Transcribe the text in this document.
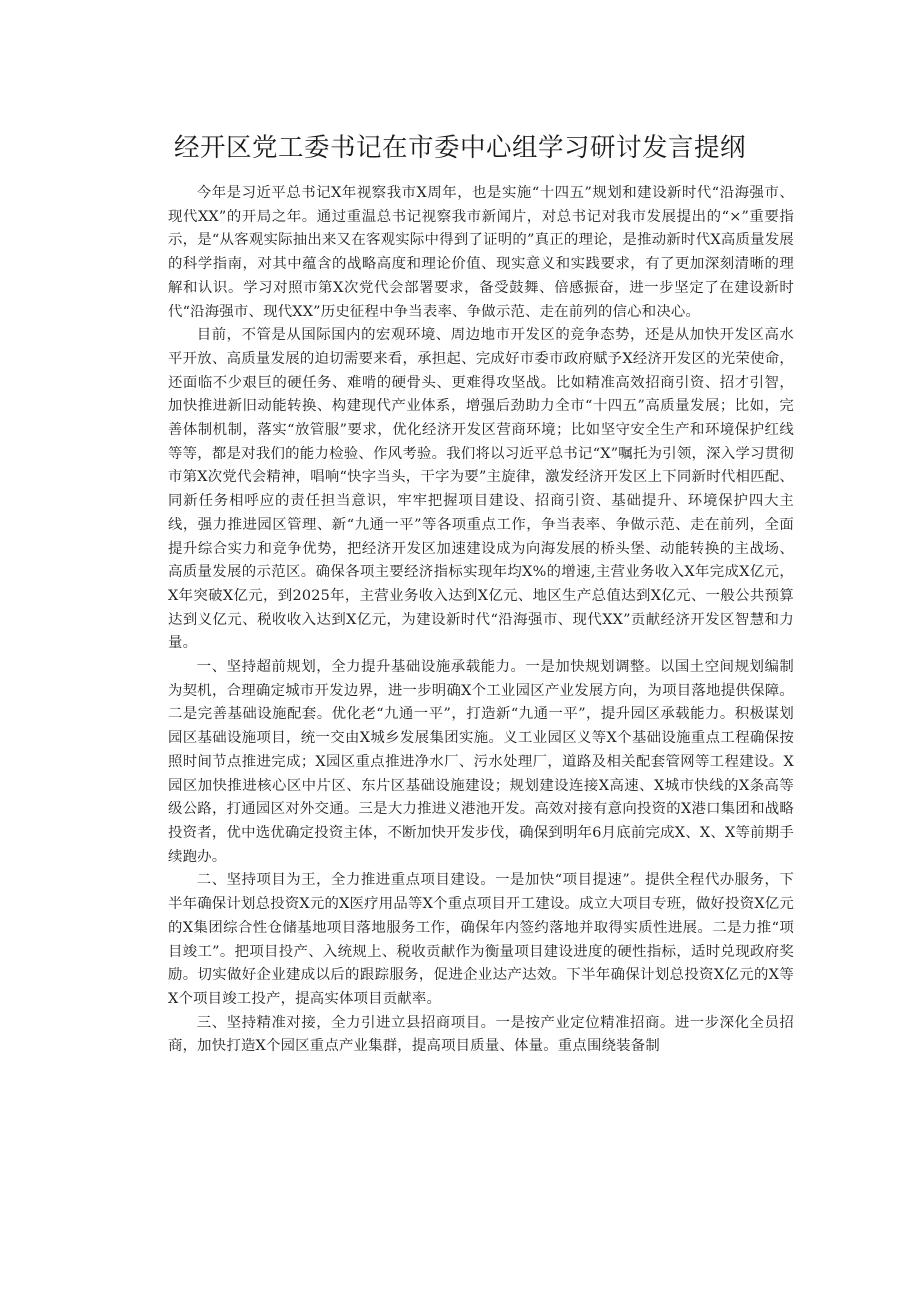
经开区党工委书记在市委中心组学习研讨发言提纲

今年是习近平总书记X年视察我市X周年，也是实施“十四五”规划和建设新时代“沿海强市、现代XX”的开局之年。通过重温总书记视察我市新闻片，对总书记对我市发展提出的“×”重要指示，是“从客观实际抽出来又在客观实际中得到了证明的”真正的理论，是推动新时代X高质量发展的科学指南，对其中蕴含的战略高度和理论价值、现实意义和实践要求，有了更加深刻清晰的理解和认识。学习对照市第X次党代会部署要求，备受鼓舞、倍感振奋，进一步坚定了在建设新时代“沿海强市、现代XX”历史征程中争当表率、争做示范、走在前列的信心和决心。

目前，不管是从国际国内的宏观环境、周边地市开发区的竞争态势，还是从加快开发区高水平开放、高质量发展的迫切需要来看，承担起、完成好市委市政府赋予X经济开发区的光荣使命，还面临不少艰巨的硬任务、难啃的硬骨头、更难得攻坚战。比如精准高效招商引资、招才引智，加快推进新旧动能转换、构建现代产业体系，增强后劲助力全市“十四五”高质量发展；比如，完善体制机制，落实“放管服”要求，优化经济开发区营商环境；比如坚守安全生产和环境保护红线等等，都是对我们的能力检验、作风考验。我们将以习近平总书记“X”嘱托为引领，深入学习贯彻市第X次党代会精神，唱响“快字当头，干字为要”主旋律，激发经济开发区上下同新时代相匹配、同新任务相呼应的责任担当意识，牢牢把握项目建设、招商引资、基础提升、环境保护四大主线，强力推进园区管理、新“九通一平”等各项重点工作，争当表率、争做示范、走在前列，全面提升综合实力和竞争优势，把经济开发区加速建设成为向海发展的桥头堡、动能转换的主战场、高质量发展的示范区。确保各项主要经济指标实现年均X%的增速,主营业务收入X年完成X亿元，X年突破X亿元，到2025年，主营业务收入达到X亿元、地区生产总值达到X亿元、一般公共预算达到义亿元、税收收入达到X亿元，为建设新时代“沿海强市、现代XX”贡献经济开发区智慧和力量。

一、坚持超前规划，全力提升基础设施承载能力。一是加快规划调整。以国土空间规划编制为契机，合理确定城市开发边界，进一步明确X个工业园区产业发展方向，为项目落地提供保障。二是完善基础设施配套。优化老“九通一平”，打造新“九通一平”，提升园区承载能力。积极谋划园区基础设施项目，统一交由X城乡发展集团实施。义工业园区义等X个基础设施重点工程确保按照时间节点推进完成；X园区重点推进净水厂、污水处理厂，道路及相关配套管网等工程建设。X园区加快推进核心区中片区、东片区基础设施建设；规划建设连接X高速、X城市快线的X条高等级公路，打通园区对外交通。三是大力推进义港池开发。高效对接有意向投资的X港口集团和战略投资者，优中选优确定投资主体，不断加快开发步伐，确保到明年6月底前完成X、X、X等前期手续跑办。

二、坚持项目为王，全力推进重点项目建设。一是加快“项目提速”。提供全程代办服务，下半年确保计划总投资X元的X医疗用品等X个重点项目开工建设。成立大项目专班，做好投资X亿元的X集团综合性仓储基地项目落地服务工作，确保年内签约落地并取得实质性进展。二是力推“项目竣工”。把项目投产、入统规上、税收贡献作为衡量项目建设进度的硬性指标，适时兑现政府奖励。切实做好企业建成以后的跟踪服务，促进企业达产达效。下半年确保计划总投资X亿元的X等X个项目竣工投产，提高实体项目贡献率。

三、坚持精准对接，全力引进立县招商项目。一是按产业定位精准招商。进一步深化全员招商，加快打造X个园区重点产业集群，提高项目质量、体量。重点围绕装备制
